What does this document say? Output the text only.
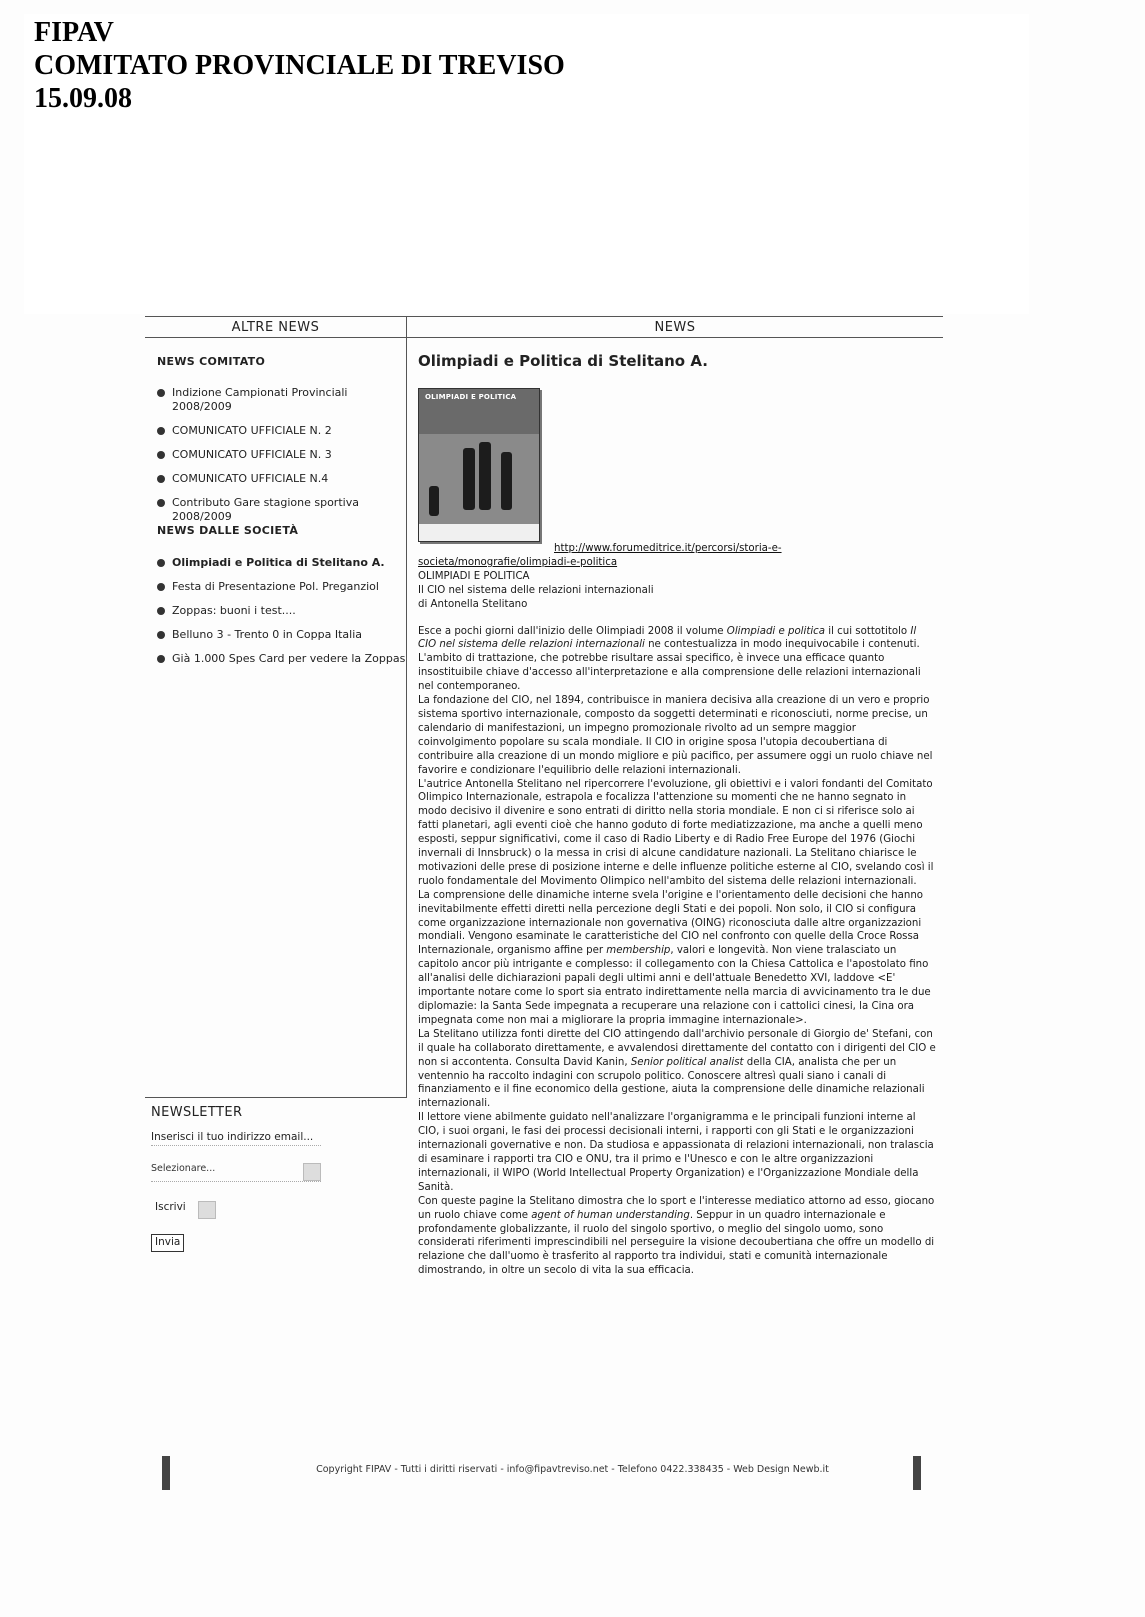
FIPAV
COMITATO PROVINCIALE DI TREVISO
15.09.08
ALTRE NEWS	NEWS
NEWS COMITATO
Indizione Campionati Provinciali 2008/2009
COMUNICATO UFFICIALE N. 2
COMUNICATO UFFICIALE N. 3
COMUNICATO UFFICIALE N.4
Contributo Gare stagione sportiva 2008/2009
NEWS DALLE SOCIETÀ
Olimpiadi e Politica di Stelitano A.
Festa di Presentazione Pol. Preganziol
Zoppas: buoni i test....
Belluno 3 - Trento 0 in Coppa Italia
Già 1.000 Spes Card per vedere la Zoppas
Olimpiadi e Politica di Stelitano A.
OLIMPIADI E POLITICA
http://www.forumeditrice.it/percorsi/storia-e-
societa/monografie/olimpiadi-e-politica
OLIMPIADI E POLITICA
Il CIO nel sistema delle relazioni internazionali
di Antonella Stelitano

Esce a pochi giorni dall'inizio delle Olimpiadi 2008 il volume Olimpiadi e politica il cui sottotitolo Il CIO nel sistema delle relazioni internazionali ne contestualizza in modo inequivocabile i contenuti. L'ambito di trattazione, che potrebbe risultare assai specifico, è invece una efficace quanto insostituibile chiave d'accesso all'interpretazione e alla comprensione delle relazioni internazionali nel contemporaneo.

La fondazione del CIO, nel 1894, contribuisce in maniera decisiva alla creazione di un vero e proprio sistema sportivo internazionale, composto da soggetti determinati e riconosciuti, norme precise, un calendario di manifestazioni, un impegno promozionale rivolto ad un sempre maggior coinvolgimento popolare su scala mondiale. Il CIO in origine sposa l'utopia decoubertiana di contribuire alla creazione di un mondo migliore e più pacifico, per assumere oggi un ruolo chiave nel favorire e condizionare l'equilibrio delle relazioni internazionali.

L'autrice Antonella Stelitano nel ripercorrere l'evoluzione, gli obiettivi e i valori fondanti del Comitato Olimpico Internazionale, estrapola e focalizza l'attenzione su momenti che ne hanno segnato in modo decisivo il divenire e sono entrati di diritto nella storia mondiale. E non ci si riferisce solo ai fatti planetari, agli eventi cioè che hanno goduto di forte mediatizzazione, ma anche a quelli meno esposti, seppur significativi, come il caso di Radio Liberty e di Radio Free Europe del 1976 (Giochi invernali di Innsbruck) o la messa in crisi di alcune candidature nazionali. La Stelitano chiarisce le motivazioni delle prese di posizione interne e delle influenze politiche esterne al CIO, svelando così il ruolo fondamentale del Movimento Olimpico nell'ambito del sistema delle relazioni internazionali.

La comprensione delle dinamiche interne svela l'origine e l'orientamento delle decisioni che hanno inevitabilmente effetti diretti nella percezione degli Stati e dei popoli. Non solo, il CIO si configura come organizzazione internazionale non governativa (OING) riconosciuta dalle altre organizzazioni mondiali. Vengono esaminate le caratteristiche del CIO nel confronto con quelle della Croce Rossa Internazionale, organismo affine per membership, valori e longevità. Non viene tralasciato un capitolo ancor più intrigante e complesso: il collegamento con la Chiesa Cattolica e l'apostolato fino all'analisi delle dichiarazioni papali degli ultimi anni e dell'attuale Benedetto XVI, laddove <E' importante notare come lo sport sia entrato indirettamente nella marcia di avvicinamento tra le due diplomazie: la Santa Sede impegnata a recuperare una relazione con i cattolici cinesi, la Cina ora impegnata come non mai a migliorare la propria immagine internazionale>.

La Stelitano utilizza fonti dirette del CIO attingendo dall'archivio personale di Giorgio de' Stefani, con il quale ha collaborato direttamente, e avvalendosi direttamente del contatto con i dirigenti del CIO e non si accontenta. Consulta David Kanin, Senior political analist della CIA, analista che per un ventennio ha raccolto indagini con scrupolo politico. Conoscere altresì quali siano i canali di finanziamento e il fine economico della gestione, aiuta la comprensione delle dinamiche relazionali internazionali.

Il lettore viene abilmente guidato nell'analizzare l'organigramma e le principali funzioni interne al CIO, i suoi organi, le fasi dei processi decisionali interni, i rapporti con gli Stati e le organizzazioni internazionali governative e non. Da studiosa e appassionata di relazioni internazionali, non tralascia di esaminare i rapporti tra CIO e ONU, tra il primo e l'Unesco e con le altre organizzazioni internazionali, il WIPO (World Intellectual Property Organization) e l'Organizzazione Mondiale della Sanità.

Con queste pagine la Stelitano dimostra che lo sport e l'interesse mediatico attorno ad esso, giocano un ruolo chiave come agent of human understanding. Seppur in un quadro internazionale e profondamente globalizzante, il ruolo del singolo sportivo, o meglio del singolo uomo, sono considerati riferimenti imprescindibili nel perseguire la visione decoubertiana che offre un modello di relazione che dall'uomo è trasferito al rapporto tra individui, stati e comunità internazionale dimostrando, in oltre un secolo di vita la sua efficacia.

NEWSLETTER
Inserisci il tuo indirizzo email...
Selezionare...
Iscrivi
Invia
Copyright FIPAV - Tutti i diritti riservati - info@fipavtreviso.net - Telefono 0422.338435 - Web Design Newb.it
